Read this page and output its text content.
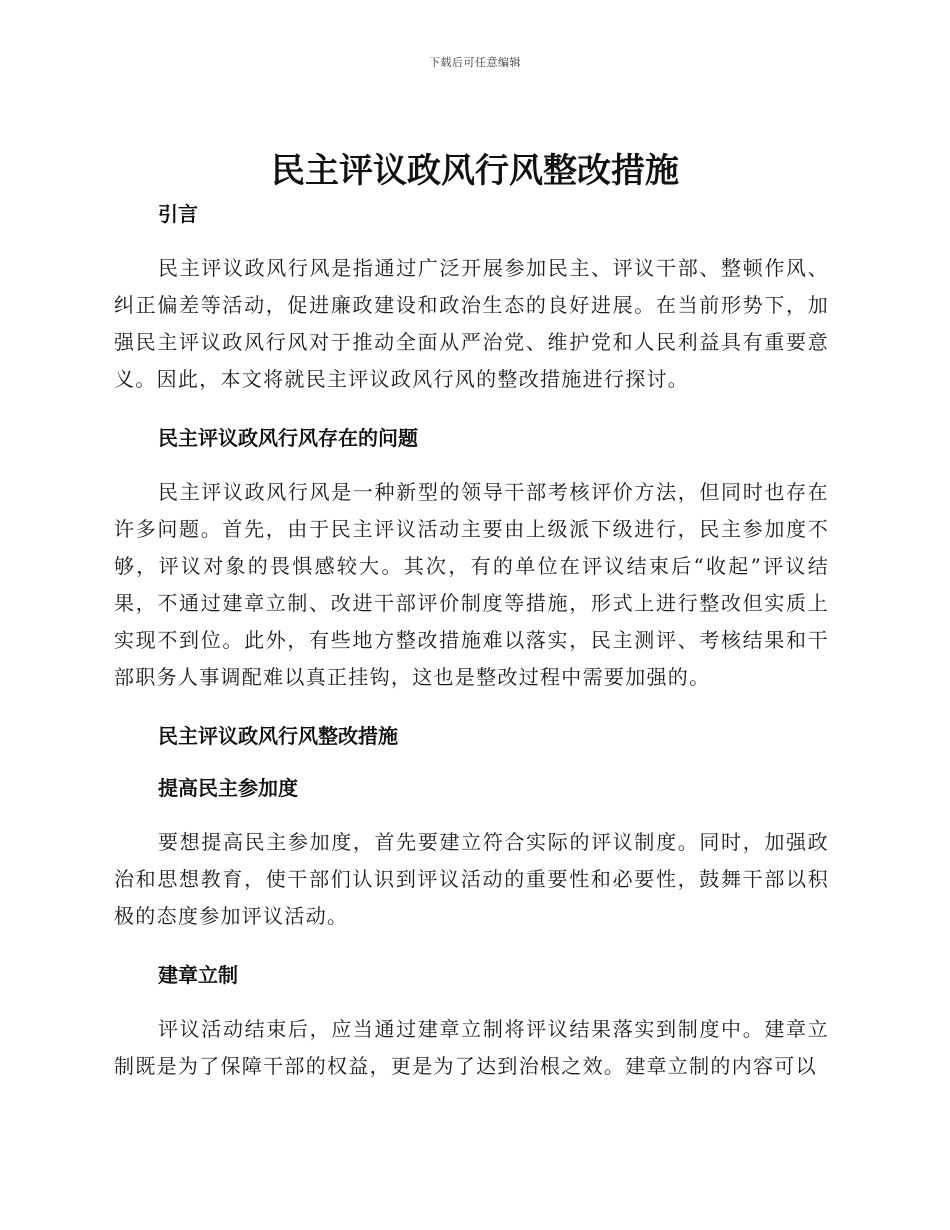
下载后可任意编辑
民主评议政风行风整改措施
引言

民主评议政风行风是指通过广泛开展参加民主、评议干部、整顿作风、纠正偏差等活动，促进廉政建设和政治生态的良好进展。在当前形势下，加强民主评议政风行风对于推动全面从严治党、维护党和人民利益具有重要意义。因此，本文将就民主评议政风行风的整改措施进行探讨。

民主评议政风行风存在的问题

民主评议政风行风是一种新型的领导干部考核评价方法，但同时也存在许多问题。首先，由于民主评议活动主要由上级派下级进行，民主参加度不够，评议对象的畏惧感较大。其次，有的单位在评议结束后“收起”评议结果，不通过建章立制、改进干部评价制度等措施，形式上进行整改但实质上实现不到位。此外，有些地方整改措施难以落实，民主测评、考核结果和干部职务人事调配难以真正挂钩，这也是整改过程中需要加强的。

民主评议政风行风整改措施
提高民主参加度

要想提高民主参加度，首先要建立符合实际的评议制度。同时，加强政治和思想教育，使干部们认识到评议活动的重要性和必要性，鼓舞干部以积极的态度参加评议活动。

建章立制

评议活动结束后，应当通过建章立制将评议结果落实到制度中。建章立制既是为了保障干部的权益，更是为了达到治根之效。建章立制的内容可以
